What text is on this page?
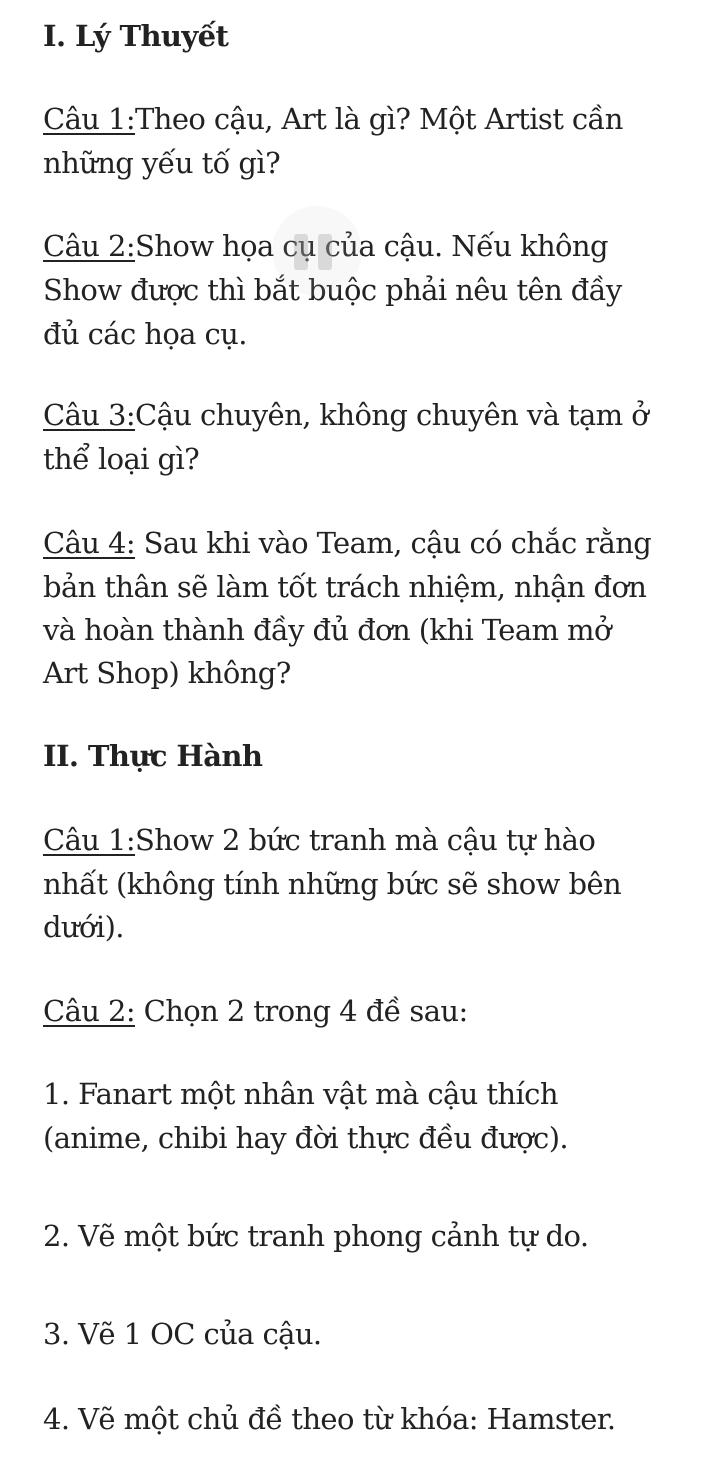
I. Lý Thuyết
Câu 1:Theo cậu, Art là gì? Một Artist cần
những yếu tố gì?
Câu 2:Show họa cụ của cậu. Nếu không
Show được thì bắt buộc phải nêu tên đầy
đủ các họa cụ.
Câu 3:Cậu chuyên, không chuyên và tạm ở
thể loại gì?
Câu 4: Sau khi vào Team, cậu có chắc rằng
bản thân sẽ làm tốt trách nhiệm, nhận đơn
và hoàn thành đầy đủ đơn (khi Team mở
Art Shop) không?
II. Thực Hành
Câu 1:Show 2 bức tranh mà cậu tự hào
nhất (không tính những bức sẽ show bên
dưới).
Câu 2: Chọn 2 trong 4 đề sau:
1. Fanart một nhân vật mà cậu thích
(anime, chibi hay đời thực đều được).
2. Vẽ một bức tranh phong cảnh tự do.
3. Vẽ 1 OC của cậu.
4. Vẽ một chủ đề theo từ khóa: Hamster.
